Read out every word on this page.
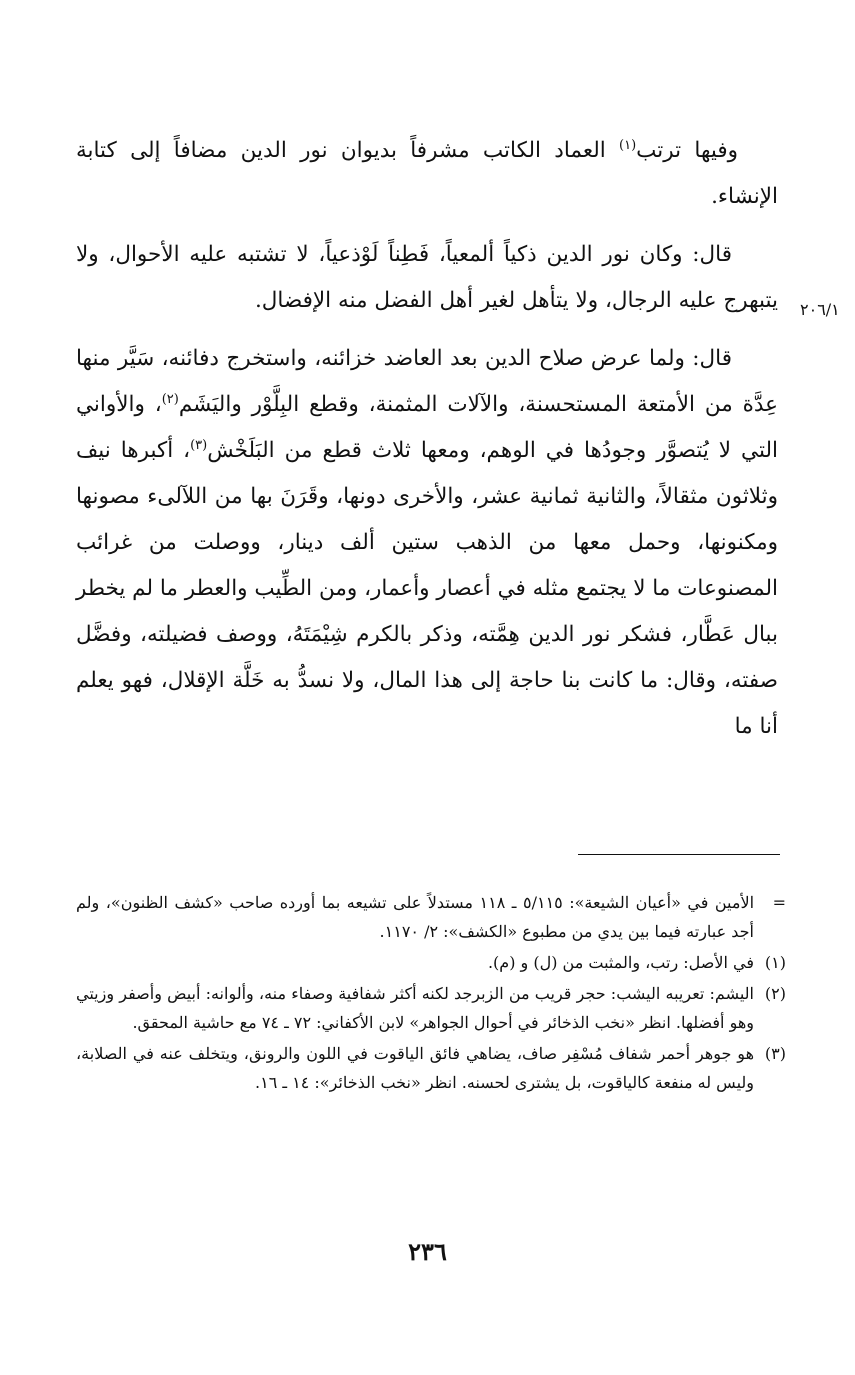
وفيها ترتب$^{(١)}$ العماد الكاتب مشرفاً بديوان نور الدين مضافاً إلى كتابة الإنشاء.

قال: وكان نور الدين ذكياً ألمعياً، فَطِناً لَوْذعياً، لا تشتبه عليه الأحوال، ولا يتبهرج عليه الرجال، ولا يتأهل لغير أهل الفضل منه الإفضال.

قال: ولما عرض صلاح الدين بعد العاضد خزائنه، واستخرج دفائنه، سَيَّر منها عِدَّة من الأمتعة المستحسنة، والآلات المثمنة، وقطع البِلَّوْر واليَشَم$^{(٢)}$، والأواني التي لا يُتصوَّر وجودُها في الوهم، ومعها ثلاث قطع من البَلَخْش$^{(٣)}$، أكبرها نيف وثلاثون مثقالاً، والثانية ثمانية عشر، والأخرى دونها، وقَرَنَ بها من اللآلىء مصونها ومكنونها، وحمل معها من الذهب ستين ألف دينار، ووصلت من غرائب المصنوعات ما لا يجتمع مثله في أعصار وأعمار، ومن الطِّيب والعطر ما لم يخطر ببال عَطَّار، فشكر نور الدين هِمَّته، وذكر بالكرم شِيْمَتَهُ، ووصف فضيلته، وفضَّل صفته، وقال: ما كانت بنا حاجة إلى هذا المال، ولا نسدُّ به خَلَّة الإقلال، فهو يعلم أنا ما

٢٠٦/١
=
الأمين في «أعيان الشيعة»: ٥/١١٥ ـ ١١٨ مستدلاً على تشيعه بما أورده صاحب «كشف الظنون»، ولم أجد عبارته فيما بين يدي من مطبوع «الكشف»: ٢/ ١١٧٠.
(١)
في الأصل: رتب، والمثبت من (ل) و (م).
(٢)
اليشم: تعريبه اليشب: حجر قريب من الزبرجد لكنه أكثر شفافية وصفاء منه، وألوانه: أبيض وأصفر وزيتي وهو أفضلها. انظر «نخب الذخائر في أحوال الجواهر» لابن الأكفاني: ٧٢ ـ ٧٤ مع حاشية المحقق.
(٣)
هو جوهر أحمر شفاف مُسْفِر صاف، يضاهي فائق الياقوت في اللون والرونق، ويتخلف عنه في الصلابة، وليس له منفعة كالياقوت، بل يشترى لحسنه. انظر «نخب الذخائر»: ١٤ ـ ١٦.
٢٣٦
